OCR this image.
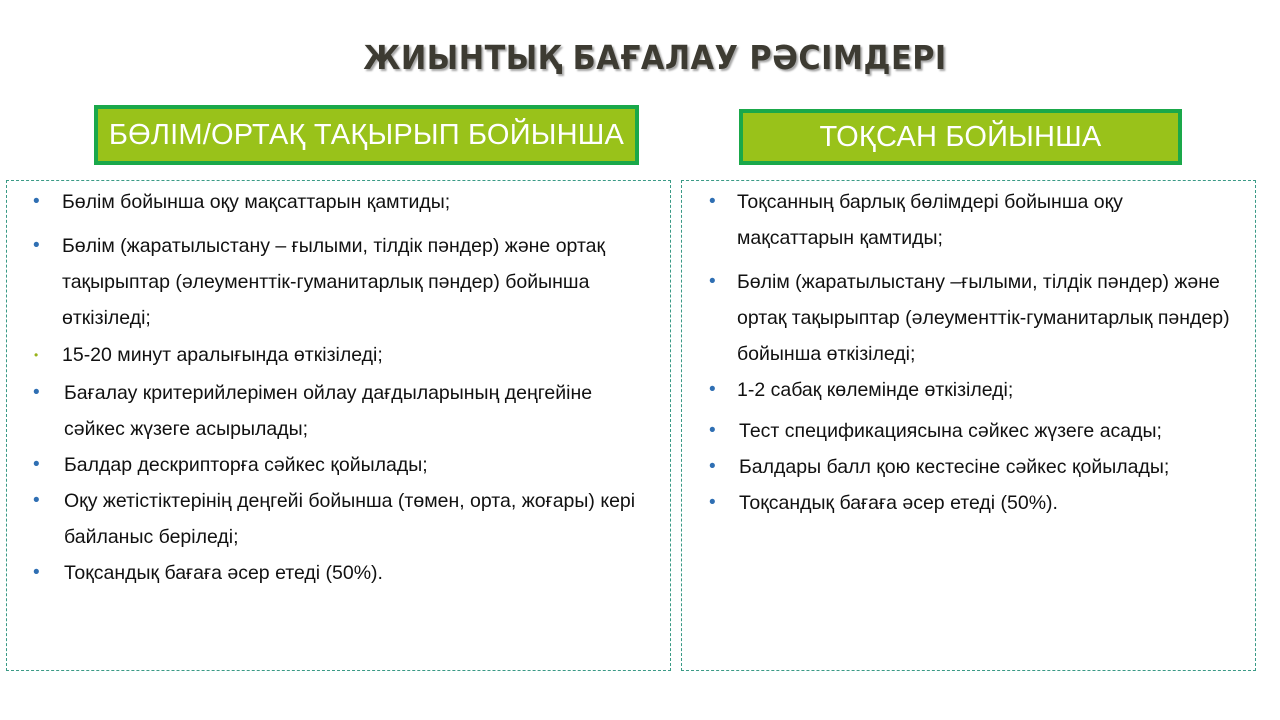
ЖИЫНТЫҚ БАҒАЛАУ РӘСІМДЕРІ
БӨЛІМ/ОРТАҚ ТАҚЫРЫП БОЙЫНША	ТОҚСАН БОЙЫНША
• Бөлім бойынша оқу мақсаттарын қамтиды;
• Бөлім (жаратылыстану – ғылыми, тілдік пәндер) және ортақ тақырыптар (әлеументтік-гуманитарлық пәндер) бойынша өткізіледі;
• 15-20 минут аралығында өткізіледі;
• Бағалау критерийлерімен ойлау дағдыларының деңгейіне сәйкес жүзеге асырылады;
• Балдар дескрипторға сәйкес қойылады;
• Оқу жетістіктерінің деңгейі бойынша (төмен, орта, жоғары) кері байланыс беріледі;
• Тоқсандық бағаға әсер етеді (50%).
• Тоқсанның барлық бөлімдері бойынша оқу мақсаттарын қамтиды;
• Бөлім (жаратылыстану –ғылыми, тілдік пәндер) және ортақ тақырыптар (әлеументтік-гуманитарлық пәндер) бойынша өткізіледі;
• 1-2 сабақ көлемінде өткізіледі;
• Тест спецификациясына сәйкес жүзеге асады;
• Балдары балл қою кестесіне сәйкес қойылады;
• Тоқсандық бағаға әсер етеді (50%).
